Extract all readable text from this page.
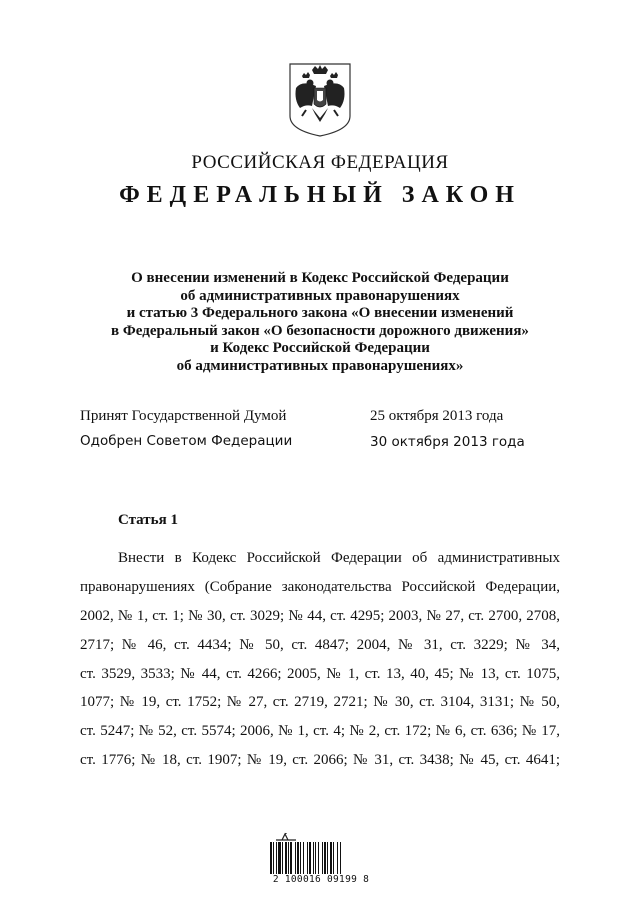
РОССИЙСКАЯ ФЕДЕРАЦИЯ
ФЕДЕРАЛЬНЫЙ ЗАКОН
О внесении изменений в Кодекс Российской Федерации
об административных правонарушениях
и статью 3 Федерального закона «О внесении изменений
в Федеральный закон «О безопасности дорожного движения»
и Кодекс Российской Федерации
об административных правонарушениях»
Принят Государственной Думой	25 октября 2013 года
Одобрен Советом Федерации	30 октября 2013 года
Статья 1
Внести в Кодекс Российской Федерации об административных
правонарушениях (Собрание законодательства Российской Федерации,
2002, № 1, ст. 1; № 30, ст. 3029; № 44, ст. 4295; 2003, № 27, ст. 2700, 2708,
2717; № 46, ст. 4434; № 50, ст. 4847; 2004, № 31, ст. 3229; № 34,
ст. 3529, 3533; № 44, ст. 4266; 2005, № 1, ст. 13, 40, 45; № 13, ст. 1075,
1077; № 19, ст. 1752; № 27, ст. 2719, 2721; № 30, ст. 3104, 3131; № 50,
ст. 5247; № 52, ст. 5574; 2006, № 1, ст. 4; № 2, ст. 172; № 6, ст. 636; № 17,
ст. 1776; № 18, ст. 1907; № 19, ст. 2066; № 31, ст. 3438; № 45, ст. 4641;
2 100016 09199 8
